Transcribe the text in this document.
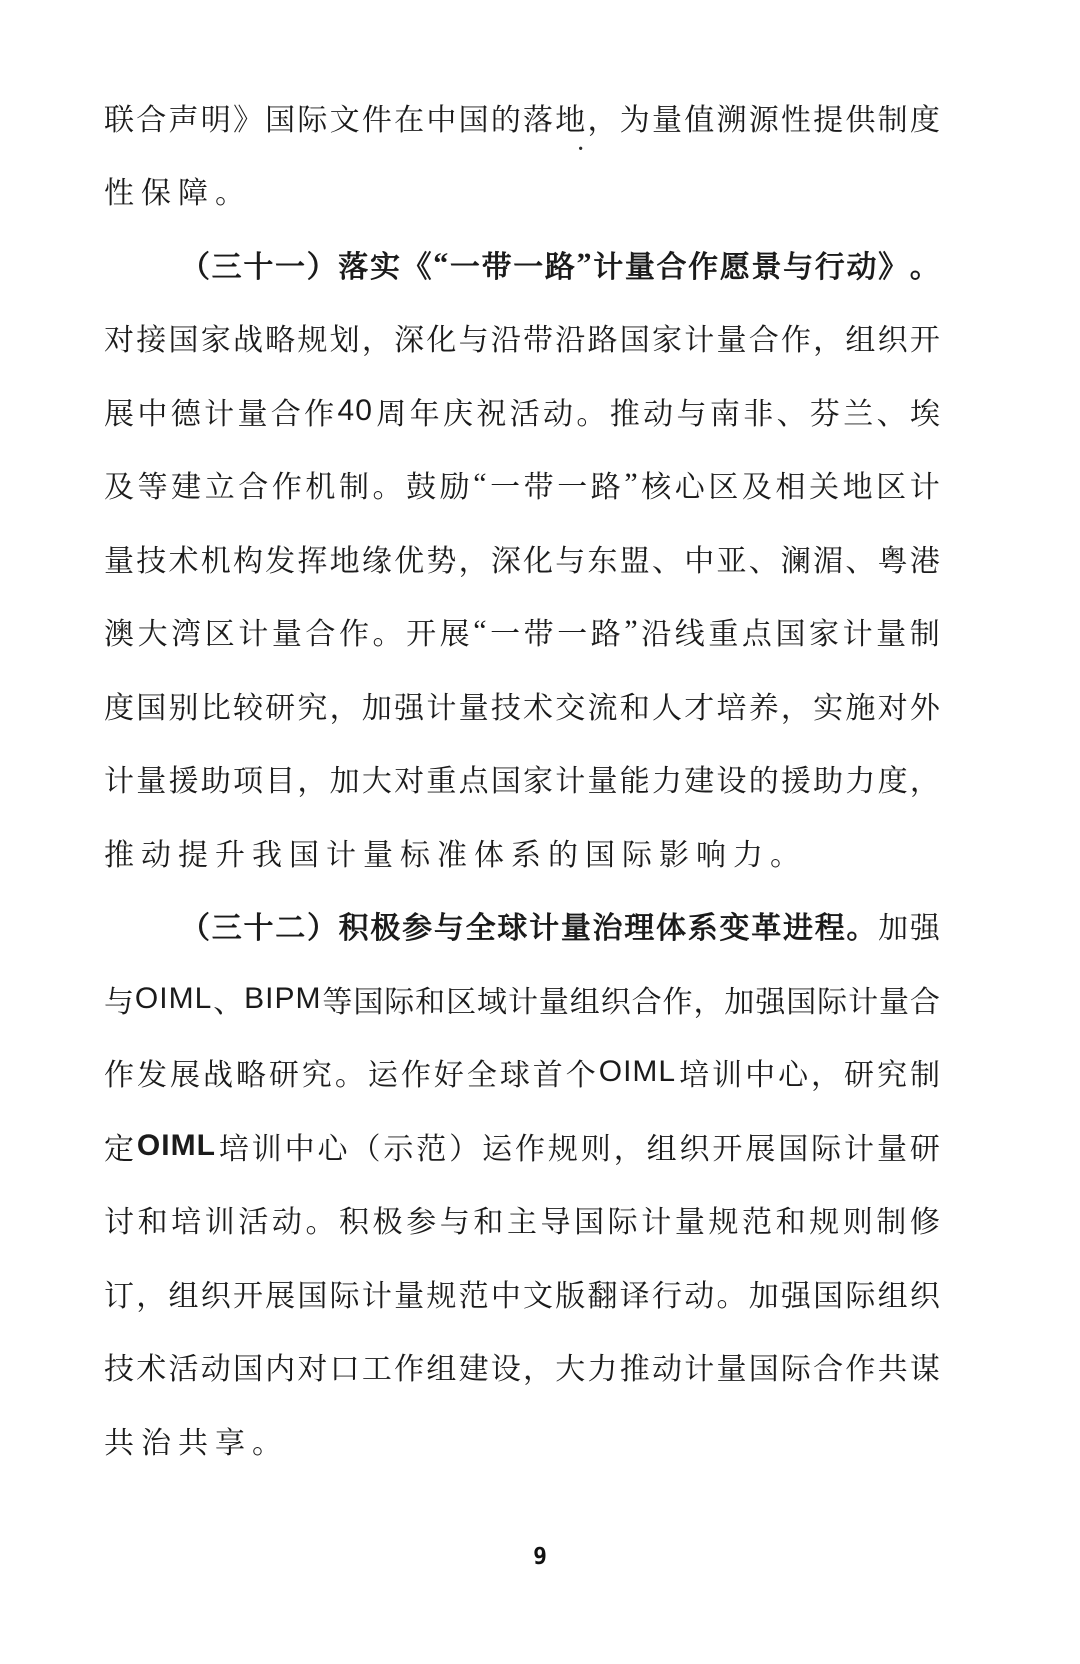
联 合 声 明 》 国 际 文 件 在 中 国 的 落 地 ， 为 量 值 溯 源 性 提 供 制 度
性 保 障 。
（ 三 十 一 ） 落 实 《 “ 一 带 一 路 ” 计 量 合 作 愿 景 与 行 动 》 。
对 接 国 家 战 略 规 划 ， 深 化 与 沿 带 沿 路 国 家 计 量 合 作 ， 组 织 开
展 中 德 计 量 合 作 40 周 年 庆 祝 活 动 。 推 动 与 南 非 、 芬 兰 、 埃
及 等 建 立 合 作 机 制 。 鼓 励 “ 一 带 一 路 ” 核 心 区 及 相 关 地 区 计
量 技 术 机 构 发 挥 地 缘 优 势 ， 深 化 与 东 盟 、 中 亚 、 澜 湄 、 粤 港
澳 大 湾 区 计 量 合 作 。 开 展 “ 一 带 一 路 ” 沿 线 重 点 国 家 计 量 制
度 国 别 比 较 研 究 ， 加 强 计 量 技 术 交 流 和 人 才 培 养 ， 实 施 对 外
计 量 援 助 项 目 ， 加 大 对 重 点 国 家 计 量 能 力 建 设 的 援 助 力 度 ，
推 动 提 升 我 国 计 量 标 准 体 系 的 国 际 影 响 力 。
（ 三 十 二 ） 积 极 参 与 全 球 计 量 治 理 体 系 变 革 进 程 。 加 强
与 OIML 、 BIPM 等 国 际 和 区 域 计 量 组 织 合 作 ， 加 强 国 际 计 量 合
作 发 展 战 略 研 究 。 运 作 好 全 球 首 个 OIML 培 训 中 心 ， 研 究 制
定 OIML 培 训 中 心 （ 示 范 ） 运 作 规 则 ， 组 织 开 展 国 际 计 量 研
讨 和 培 训 活 动 。 积 极 参 与 和 主 导 国 际 计 量 规 范 和 规 则 制 修
订 ， 组 织 开 展 国 际 计 量 规 范 中 文 版 翻 译 行 动 。 加 强 国 际 组 织
技 术 活 动 国 内 对 口 工 作 组 建 设 ， 大 力 推 动 计 量 国 际 合 作 共 谋
共 治 共 享 。
·
9
